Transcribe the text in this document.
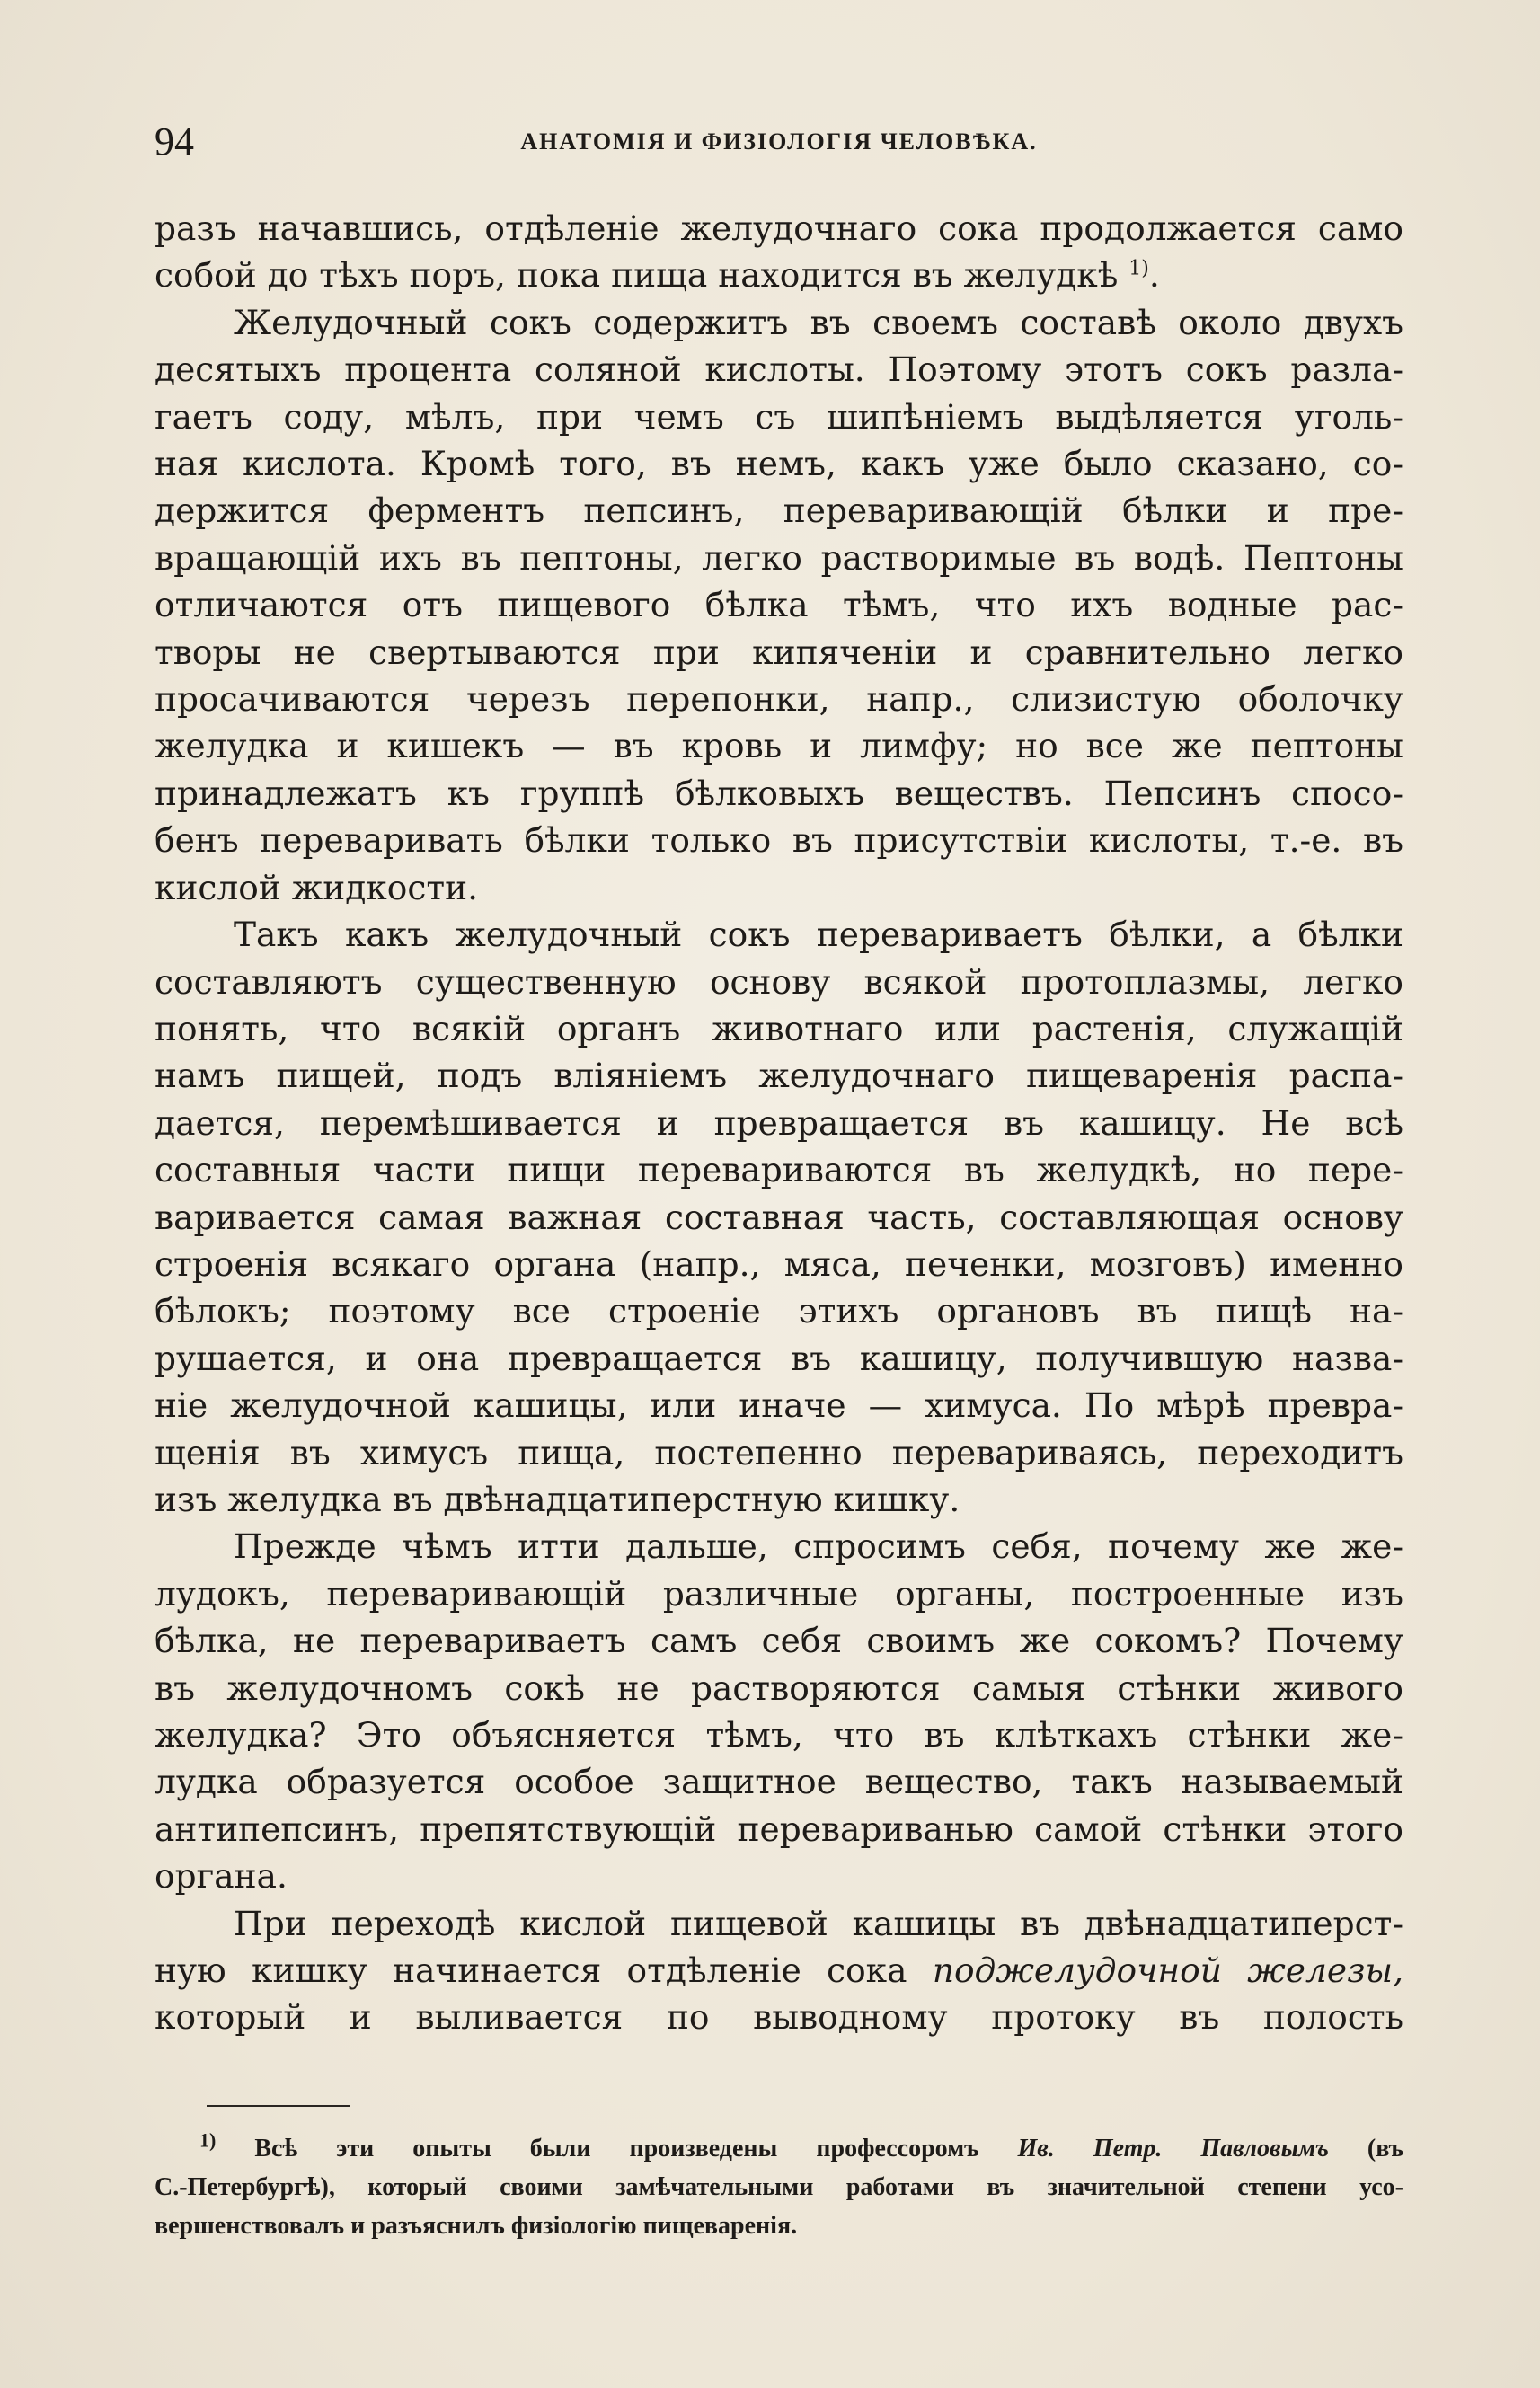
94	АНАТОМІЯ И ФИЗІОЛОГІЯ ЧЕЛОВѢКА.

разъ начавшись, отдѣленіе желудочнаго сока продолжается само
собой до тѣхъ поръ, пока пища находится въ желудкѣ $^{1)}$.

Желудочный сокъ содержитъ въ своемъ составѣ около двухъ
десятыхъ процента соляной кислоты. Поэтому этотъ сокъ разла-
гаетъ соду, мѣлъ, при чемъ съ шипѣніемъ выдѣляется уголь-
ная кислота. Кромѣ того, въ немъ, какъ уже было сказано, со-
держится ферментъ пепсинъ, переваривающій бѣлки и пре-
вращающій ихъ въ пептоны, легко растворимые въ водѣ. Пептоны
отличаются отъ пищевого бѣлка тѣмъ, что ихъ водные рас-
творы не свертываются при кипяченіи и сравнительно легко
просачиваются черезъ перепонки, напр., слизистую оболочку
желудка и кишекъ — въ кровь и лимфу; но все же пептоны
принадлежатъ къ группѣ бѣлковыхъ веществъ. Пепсинъ спосо-
бенъ переваривать бѣлки только въ присутствіи кислоты, т.-е. въ
кислой жидкости.

Такъ какъ желудочный сокъ перевариваетъ бѣлки, а бѣлки
составляютъ существенную основу всякой протоплазмы, легко
понять, что всякій органъ животнаго или растенія, служащій
намъ пищей, подъ вліяніемъ желудочнаго пищеваренія распа-
дается, перемѣшивается и превращается въ кашицу. Не всѣ
составныя части пищи перевариваются въ желудкѣ, но пере-
варивается самая важная составная часть, составляющая основу
строенія всякаго органа (напр., мяса, печенки, мозговъ) именно
бѣлокъ; поэтому все строеніе этихъ органовъ въ пищѣ на-
рушается, и она превращается въ кашицу, получившую назва-
ніе желудочной кашицы, или иначе — химуса. По мѣрѣ превра-
щенія въ химусъ пища, постепенно перевариваясь, переходитъ
изъ желудка въ двѣнадцатиперстную кишку.

Прежде чѣмъ итти дальше, спросимъ себя, почему же же-
лудокъ, переваривающій различные органы, построенные изъ
бѣлка, не перевариваетъ самъ себя своимъ же сокомъ? Почему
въ желудочномъ сокѣ не растворяются самыя стѣнки живого
желудка? Это объясняется тѣмъ, что въ клѣткахъ стѣнки же-
лудка образуется особое защитное вещество, такъ называемый
антипепсинъ, препятствующій перевариванью самой стѣнки этого
органа.

При переходѣ кислой пищевой кашицы въ двѣнадцатиперст-
ную кишку начинается отдѣленіе сока поджелудочной железы,
который и выливается по выводному протоку въ полость

$^{1)}$ Всѣ эти опыты были произведены профессоромъ Ив. Петр. Павловымъ (въ
С.-Петербургѣ), который своими замѣчательными работами въ значительной степени усо-
вершенствовалъ и разъяснилъ физіологію пищеваренія.
